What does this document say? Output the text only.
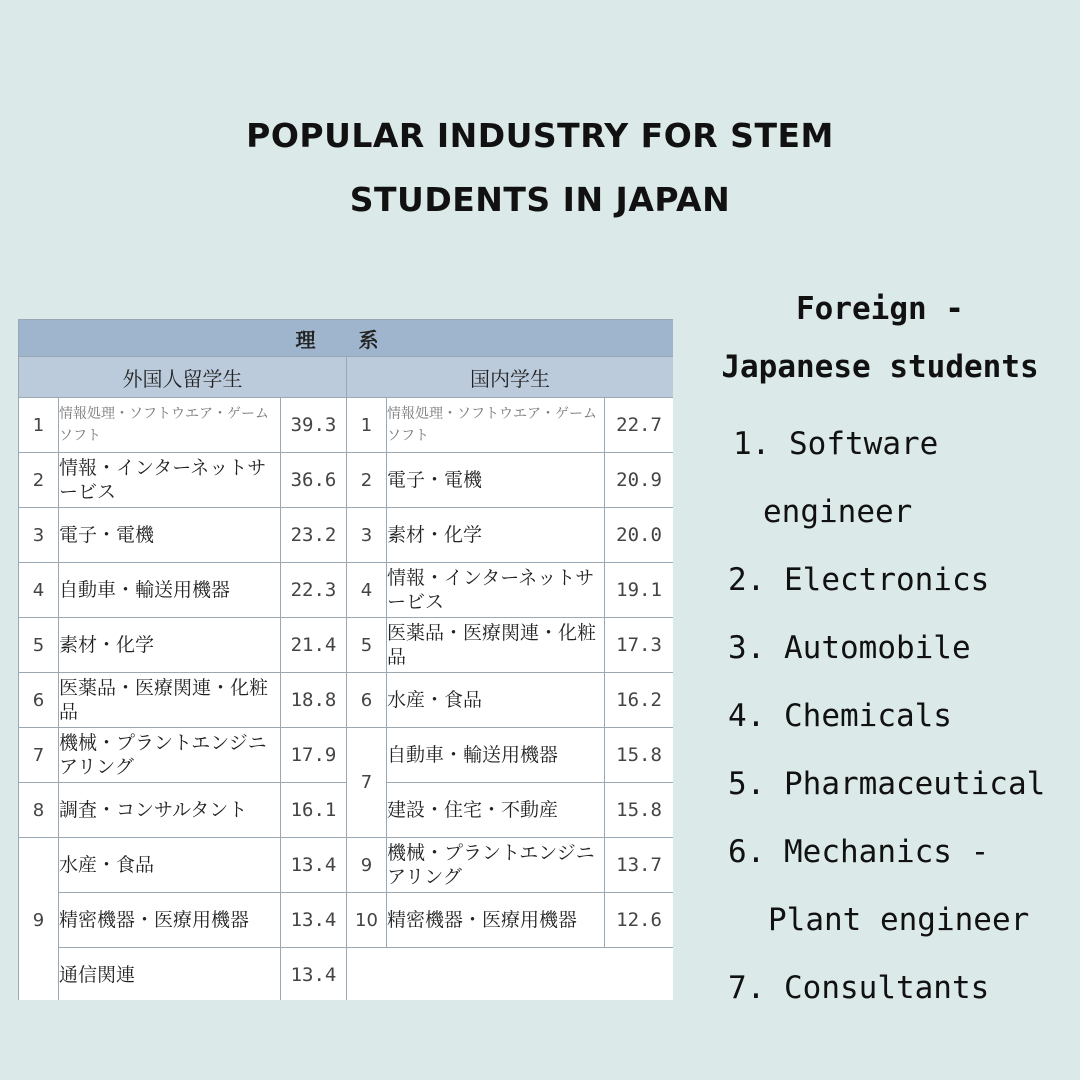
POPULAR INDUSTRY FOR STEM
STUDENTS IN JAPAN
理 系					
外国人留学生			国内学生		
1	情報処理・ソフトウエア・ゲームソフト	39.3	1	情報処理・ソフトウエア・ゲームソフト	22.7
2	情報・インターネットサービス	36.6	2	電子・電機	20.9
3	電子・電機	23.2	3	素材・化学	20.0
4	自動車・輸送用機器	22.3	4	情報・インターネットサービス	19.1
5	素材・化学	21.4	5	医薬品・医療関連・化粧品	17.3
6	医薬品・医療関連・化粧品	18.8	6	水産・食品	16.2
7	機械・プラントエンジニアリング	17.9	7	自動車・輸送用機器	15.8
8	調査・コンサルタント	16.1		建設・住宅・不動産	15.8
9	水産・食品	13.4	9	機械・プラントエンジニアリング	13.7
	精密機器・医療用機器	13.4	10	精密機器・医療用機器	12.6
	通信関連	13.4			
Foreign -
Japanese students
1. Software
engineer
2. Electronics
3. Automobile
4. Chemicals
5. Pharmaceutical
6. Mechanics -
Plant engineer
7. Consultants
